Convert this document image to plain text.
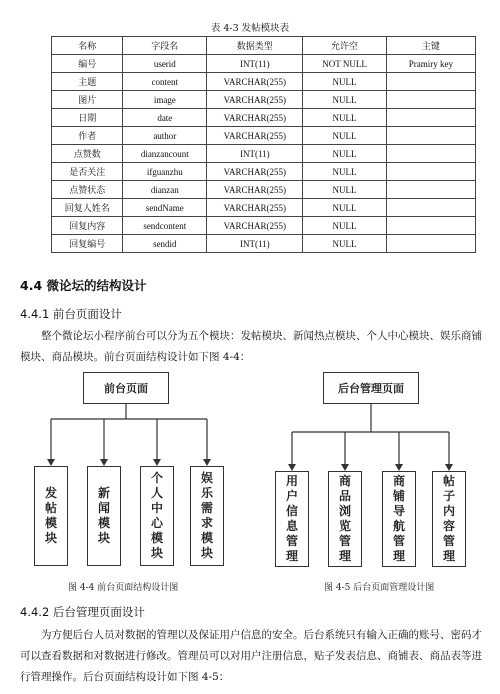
表 4-3 发帖模块表
名称	字段名	数据类型	允许空	主键
编号	userid	INT(11)	NOT NULL	Pramiry key
主题	content	VARCHAR(255)	NULL	
图片	image	VARCHAR(255)	NULL	
日期	date	VARCHAR(255)	NULL	
作者	author	VARCHAR(255)	NULL	
点赞数	dianzancount	INT(11)	NULL	
是否关注	ifguanzhu	VARCHAR(255)	NULL	
点赞状态	dianzan	VARCHAR(255)	NULL	
回复人姓名	sendName	VARCHAR(255)	NULL	
回复内容	sendcontent	VARCHAR(255)	NULL	
回复编号	sendid	INT(11)	NULL	
4.4 微论坛的结构设计
4.4.1 前台页面设计
整个微论坛小程序前台可以分为五个模块：发帖模块、新闻热点模块、个人中心模块、娱乐商铺模块、商品模块。前台页面结构设计如下图 4-4：
前台页面
发
帖
模
块
新
闻
模
块
个
人
中
心
模
块
娱
乐
需
求
模
块
后台管理页面
用
户
信
息
管
理
商
品
浏
览
管
理
商
铺
导
航
管
理
帖
子
内
容
管
理
图 4-4 前台页面结构设计图	图 4-5 后台页面管理设计图
4.4.2 后台管理页面设计
为方便后台人员对数据的管理以及保证用户信息的安全。后台系统只有输入正确的账号、密码才可以查看数据和对数据进行修改。管理员可以对用户注册信息，贴子发表信息、商铺表、商品表等进行管理操作。后台页面结构设计如下图 4-5：
